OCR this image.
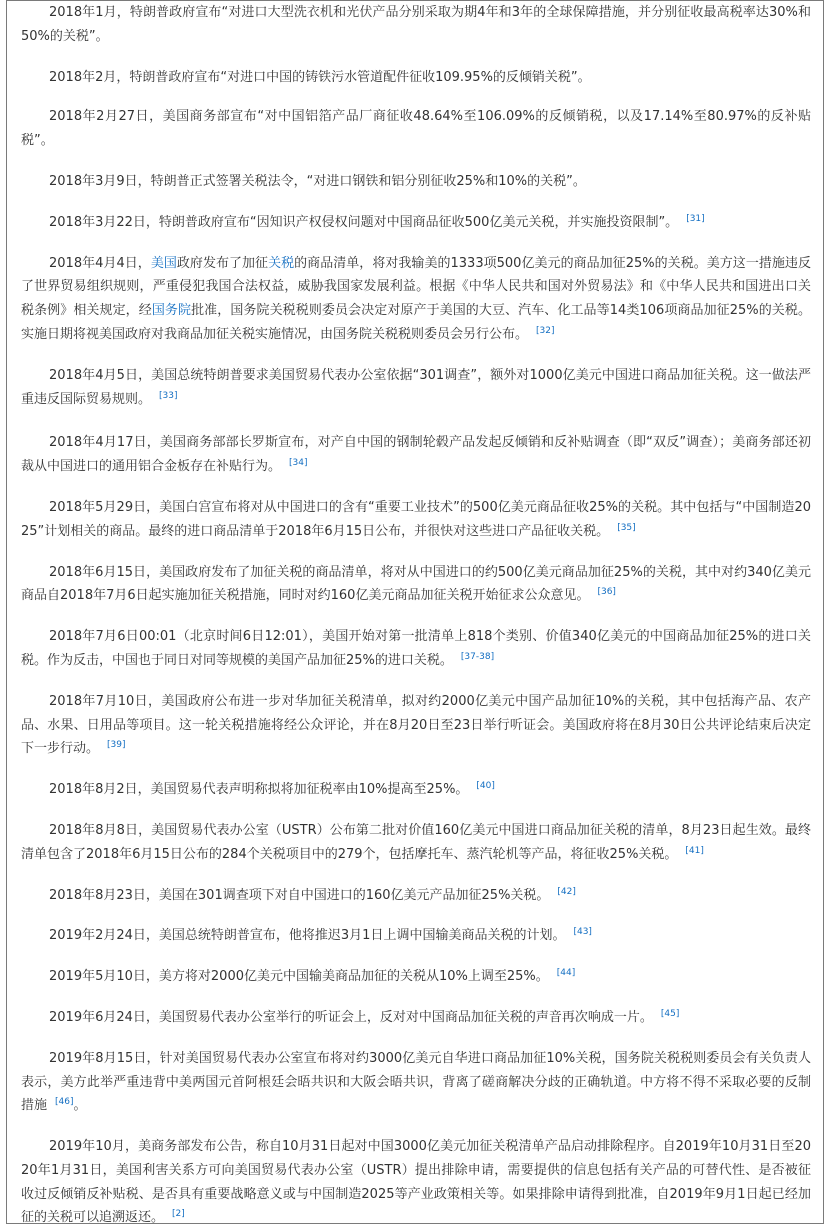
2018年1月，特朗普政府宣布“对进口大型洗衣机和光伏产品分别采取为期4年和3年的全球保障措施，并分别征收最高税率达30%和50%的关税”。

2018年2月，特朗普政府宣布“对进口中国的铸铁污水管道配件征收109.95%的反倾销关税”。

2018年2月27日，美国商务部宣布“对中国铝箔产品厂商征收48.64%至106.09%的反倾销税，以及17.14%至80.97%的反补贴税”。

2018年3月9日，特朗普正式签署关税法令，“对进口钢铁和铝分别征收25%和10%的关税”。

2018年3月22日，特朗普政府宣布“因知识产权侵权问题对中国商品征收500亿美元关税，并实施投资限制”。 [31]

2018年4月4日，美国政府发布了加征关税的商品清单，将对我输美的1333项500亿美元的商品加征25%的关税。美方这一措施违反了世界贸易组织规则，严重侵犯我国合法权益，威胁我国家发展利益。根据《中华人民共和国对外贸易法》和《中华人民共和国进出口关税条例》相关规定，经国务院批准，国务院关税税则委员会决定对原产于美国的大豆、汽车、化工品等14类106项商品加征25%的关税。实施日期将视美国政府对我商品加征关税实施情况，由国务院关税税则委员会另行公布。 [32]

2018年4月5日，美国总统特朗普要求美国贸易代表办公室依据“301调查”，额外对1000亿美元中国进口商品加征关税。这一做法严重违反国际贸易规则。 [33]

2018年4月17日，美国商务部部长罗斯宣布，对产自中国的钢制轮毂产品发起反倾销和反补贴调查（即“双反”调查）；美商务部还初裁从中国进口的通用铝合金板存在补贴行为。 [34]

2018年5月29日，美国白宫宣布将对从中国进口的含有“重要工业技术”的500亿美元商品征收25%的关税。其中包括与“中国制造2025”计划相关的商品。最终的进口商品清单于2018年6月15日公布，并很快对这些进口产品征收关税。 [35]

2018年6月15日，美国政府发布了加征关税的商品清单，将对从中国进口的约500亿美元商品加征25%的关税，其中对约340亿美元商品自2018年7月6日起实施加征关税措施，同时对约160亿美元商品加征关税开始征求公众意见。 [36]

2018年7月6日00:01（北京时间6日12:01），美国开始对第一批清单上818个类别、价值340亿美元的中国商品加征25%的进口关税。作为反击，中国也于同日对同等规模的美国产品加征25%的进口关税。 [37-38]

2018年7月10日，美国政府公布进一步对华加征关税清单，拟对约2000亿美元中国产品加征10%的关税，其中包括海产品、农产品、水果、日用品等项目。这一轮关税措施将经公众评论，并在8月20日至23日举行听证会。美国政府将在8月30日公共评论结束后决定下一步行动。 [39]

2018年8月2日，美国贸易代表声明称拟将加征税率由10%提高至25%。 [40]

2018年8月8日，美国贸易代表办公室（USTR）公布第二批对价值160亿美元中国进口商品加征关税的清单，8月23日起生效。最终清单包含了2018年6月15日公布的284个关税项目中的279个，包括摩托车、蒸汽轮机等产品，将征收25%关税。 [41]

2018年8月23日，美国在301调查项下对自中国进口的160亿美元产品加征25%关税。 [42]

2019年2月24日，美国总统特朗普宣布，他将推迟3月1日上调中国输美商品关税的计划。 [43]

2019年5月10日，美方将对2000亿美元中国输美商品加征的关税从10%上调至25%。 [44]

2019年6月24日，美国贸易代表办公室举行的听证会上，反对对中国商品加征关税的声音再次响成一片。 [45]

2019年8月15日，针对美国贸易代表办公室宣布将对约3000亿美元自华进口商品加征10%关税，国务院关税税则委员会有关负责人表示，美方此举严重违背中美两国元首阿根廷会晤共识和大阪会晤共识，背离了磋商解决分歧的正确轨道。中方将不得不采取必要的反制措施 [46]。

2019年10月，美商务部发布公告，称自10月31日起对中国3000亿美元加征关税清单产品启动排除程序。自2019年10月31日至2020年1月31日，美国利害关系方可向美国贸易代表办公室（USTR）提出排除申请，需要提供的信息包括有关产品的可替代性、是否被征收过反倾销反补贴税、是否具有重要战略意义或与中国制造2025等产业政策相关等。如果排除申请得到批准，自2019年9月1日起已经加征的关税可以追溯返还。 [2]
